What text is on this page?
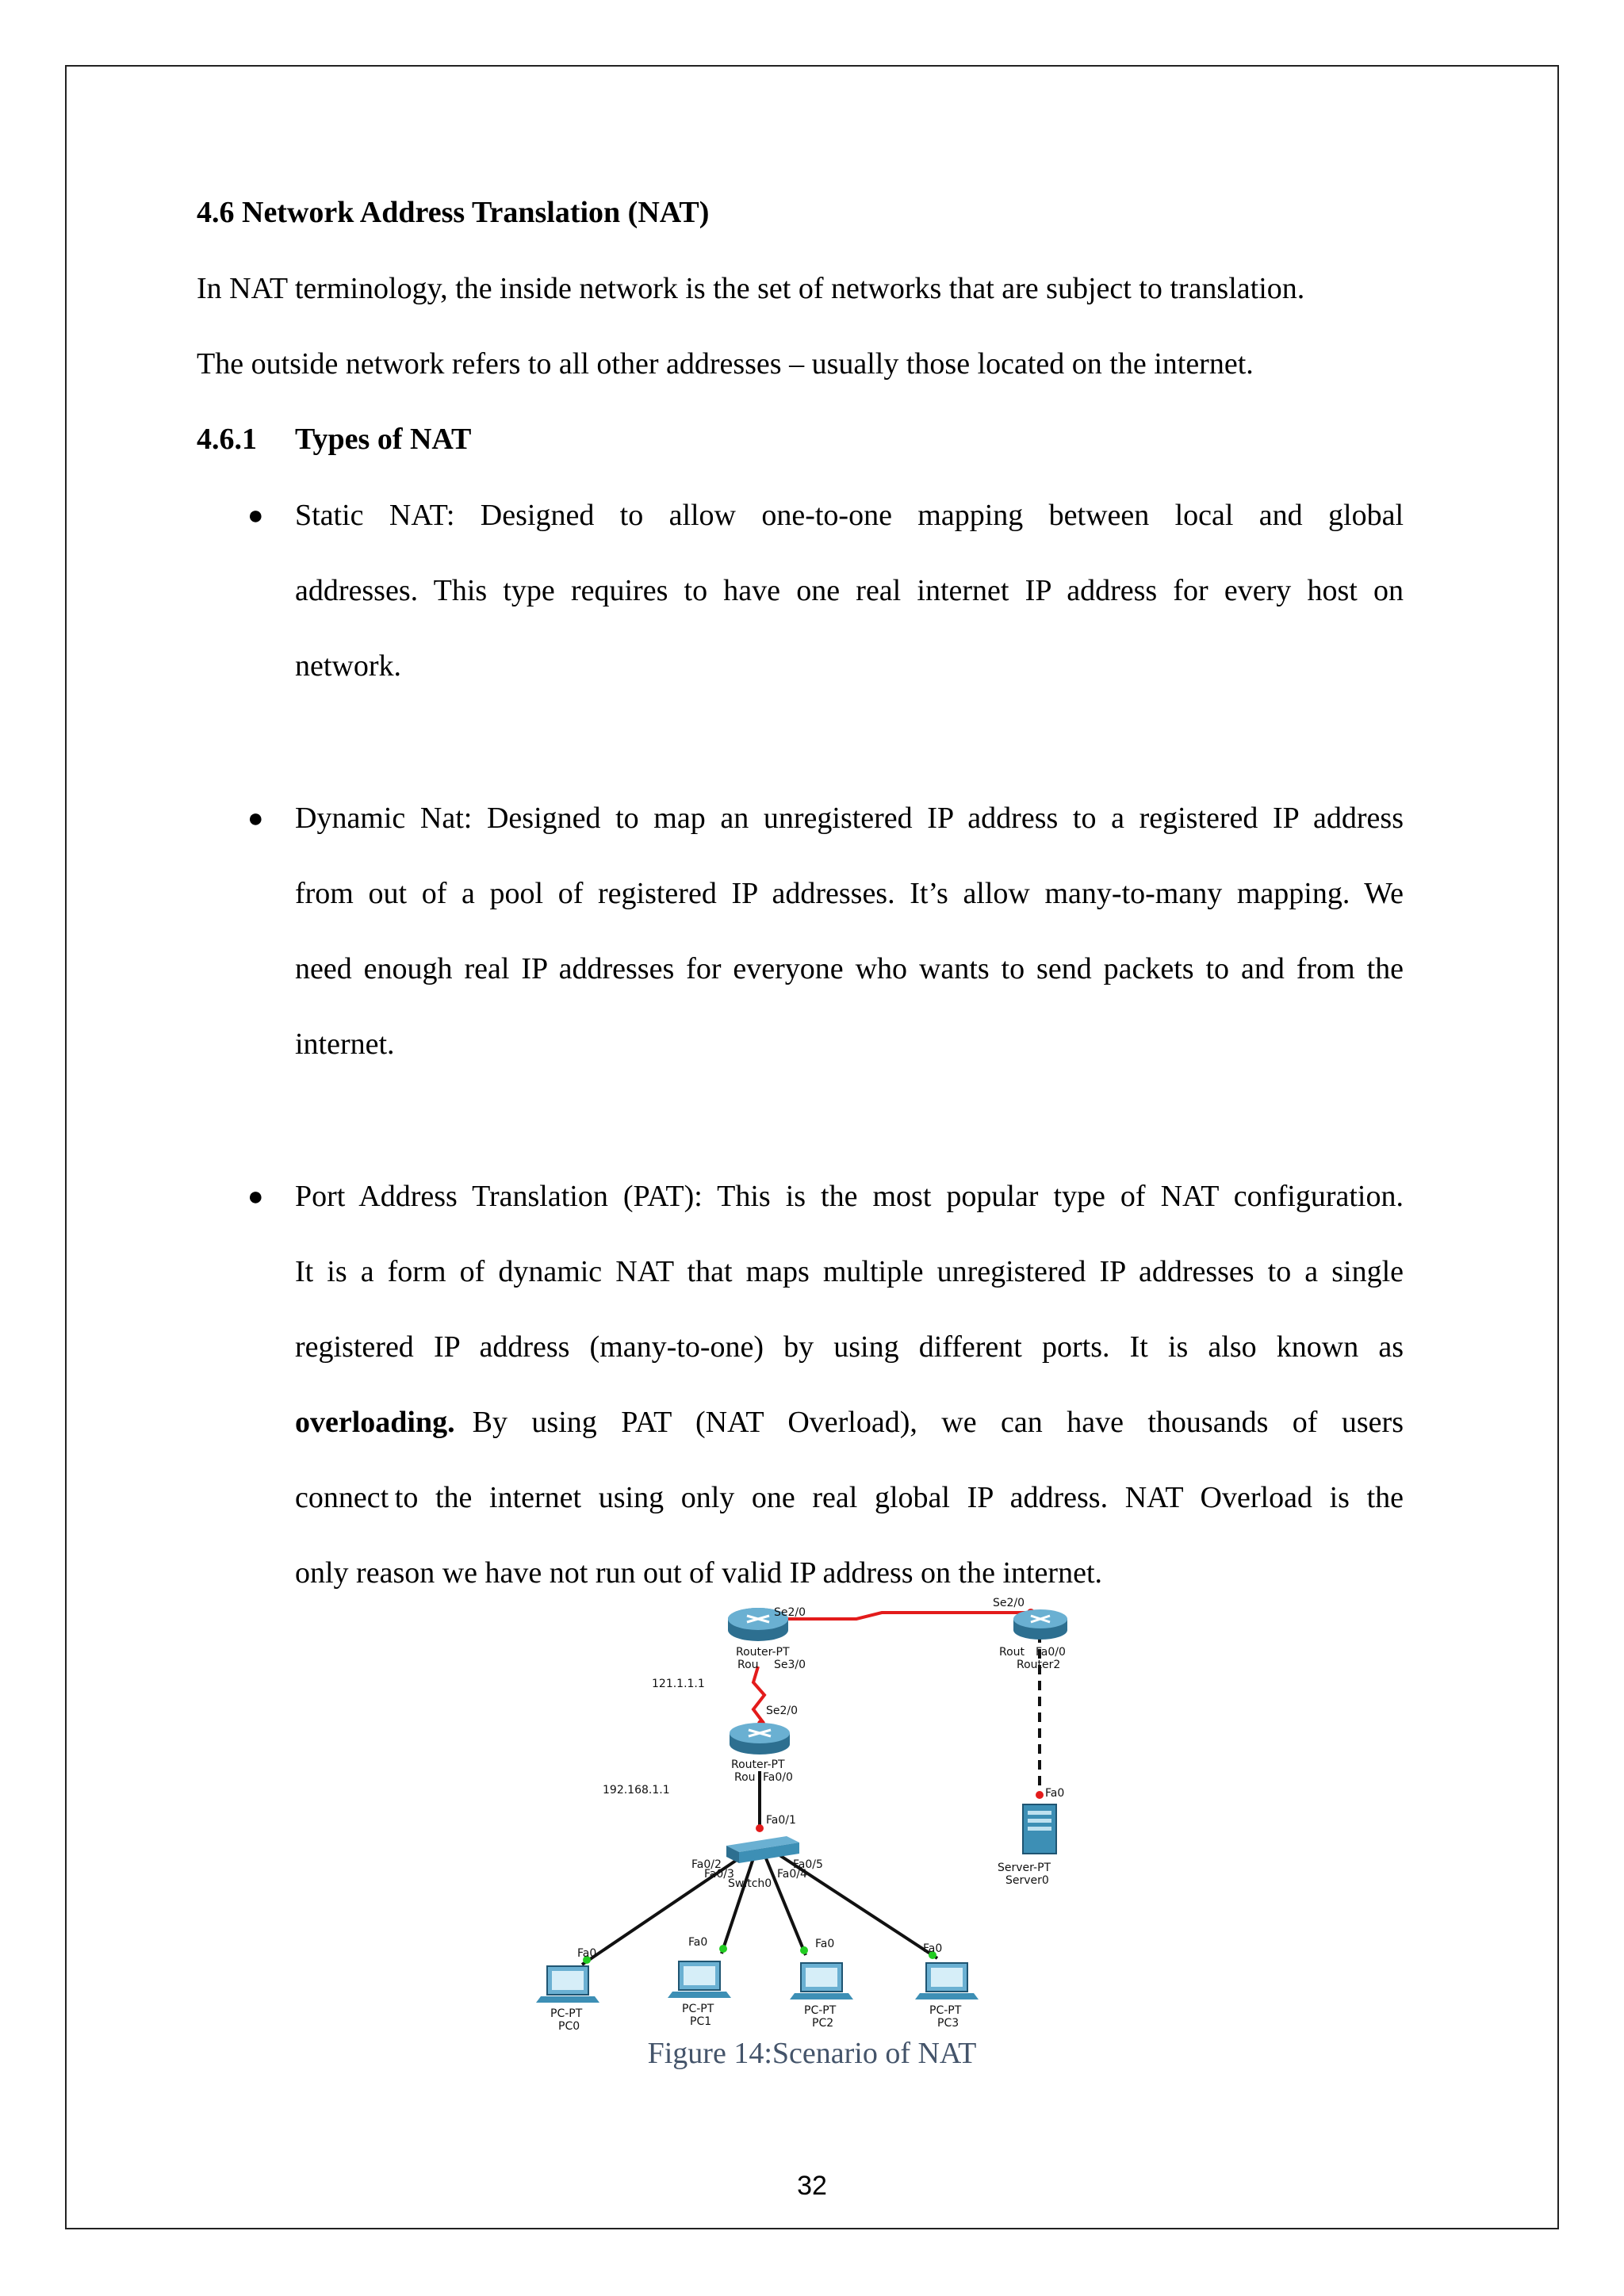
4.6 Network Address Translation (NAT)
In NAT terminology, the inside network is the set of networks that are subject to translation.
The outside network refers to all other addresses – usually those located on the internet.
4.6.1 Types of NAT
● Static NAT: Designed to allow one-to-one mapping between local and global
addresses. This type requires to have one real internet IP address for every host on
network.
● Dynamic Nat: Designed to map an unregistered IP address to a registered IP address
from out of a pool of registered IP addresses. It’s allow many-to-many mapping. We
need enough real IP addresses for everyone who wants to send packets to and from the
internet.
● Port Address Translation (PAT): This is the most popular type of NAT configuration.
It is a form of dynamic NAT that maps multiple unregistered IP addresses to a single
registered IP address (many-to-one) by using different ports. It is also known as
overloading. By using PAT (NAT Overload), we can have thousands of users
connect to the internet using only one real global IP address. NAT Overload is the
only reason we have not run out of valid IP address on the internet.
Router-PT
Rou
Se2/0
Se3/0
Se2/0
Rout Fa0/0
Router2
121.1.1.1
Se2/0
Router-PT
Rou Fa0/0
192.168.1.1
Fa0/1
Fa0/2
Fa0/3	Fa0/4
Fa0/5
Switch0
Fa0
Server-PT
Server0
Fa0
PC-PT
PC0
Fa0
PC-PT
PC1
Fa0
PC-PT
PC2
Fa0
PC-PT
PC3
Figure 14:Scenario of NAT
32
